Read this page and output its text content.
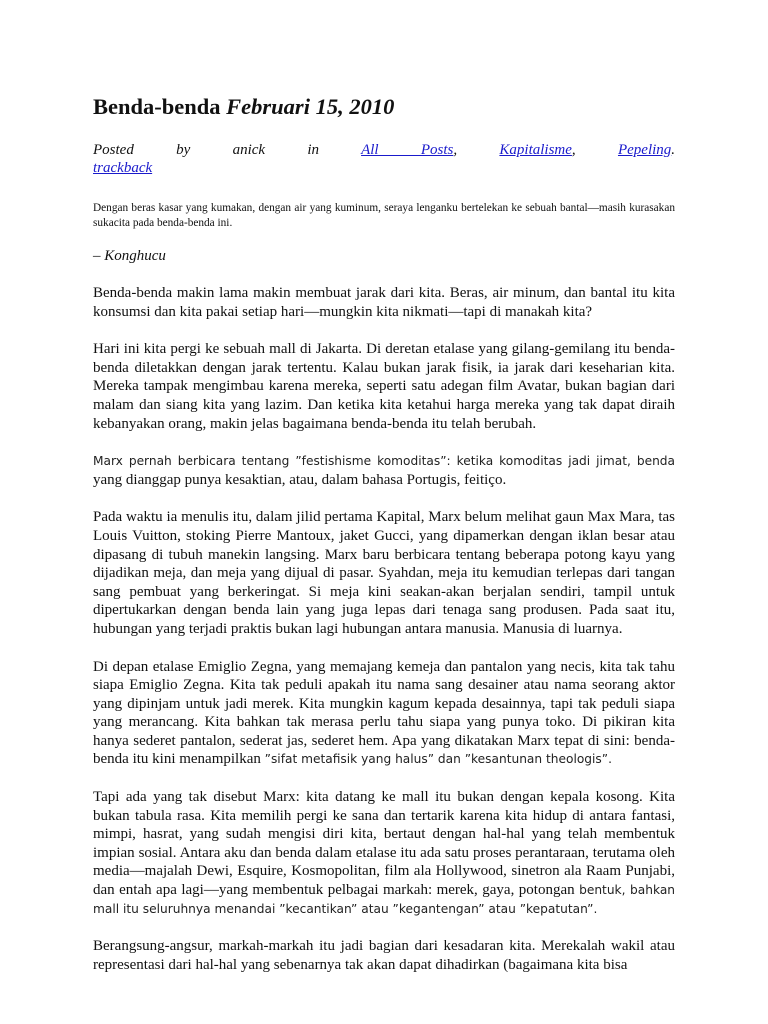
Benda-benda Februari 15, 2010
Posted	by	anick	in	All Posts,	Kapitalisme,	Pepeling.
trackback

Dengan beras kasar yang kumakan, dengan air yang kuminum, seraya lenganku bertelekan ke sebuah bantal—masih kurasakan sukacita pada benda-benda ini.

– Konghucu

Benda-benda makin lama makin membuat jarak dari kita. Beras, air minum, dan bantal itu kita konsumsi dan kita pakai setiap hari—mungkin kita nikmati—tapi di manakah kita?

Hari ini kita pergi ke sebuah mall di Jakarta. Di deretan etalase yang gilang-gemilang itu benda-benda diletakkan dengan jarak tertentu. Kalau bukan jarak fisik, ia jarak dari keseharian kita. Mereka tampak mengimbau karena mereka, seperti satu adegan film Avatar, bukan bagian dari malam dan siang kita yang lazim. Dan ketika kita ketahui harga mereka yang tak dapat diraih kebanyakan orang, makin jelas bagaimana benda-benda itu telah berubah.

Marx pernah berbicara tentang ”festishisme komoditas”: ketika komoditas jadi jimat, benda yang dianggap punya kesaktian, atau, dalam bahasa Portugis, feitiço.

Pada waktu ia menulis itu, dalam jilid pertama Kapital, Marx belum melihat gaun Max Mara, tas Louis Vuitton, stoking Pierre Mantoux, jaket Gucci, yang dipamerkan dengan iklan besar atau dipasang di tubuh manekin langsing. Marx baru berbicara tentang beberapa potong kayu yang dijadikan meja, dan meja yang dijual di pasar. Syahdan, meja itu kemudian terlepas dari tangan sang pembuat yang berkeringat. Si meja kini seakan-akan berjalan sendiri, tampil untuk dipertukarkan dengan benda lain yang juga lepas dari tenaga sang produsen. Pada saat itu, hubungan yang terjadi praktis bukan lagi hubungan antara manusia. Manusia di luarnya.

Di depan etalase Emiglio Zegna, yang memajang kemeja dan pantalon yang necis, kita tak tahu siapa Emiglio Zegna. Kita tak peduli apakah itu nama sang desainer atau nama seorang aktor yang dipinjam untuk jadi merek. Kita mungkin kagum kepada desainnya, tapi tak peduli siapa yang merancang. Kita bahkan tak merasa perlu tahu siapa yang punya toko. Di pikiran kita hanya sederet pantalon, sederat jas, sederet hem. Apa yang dikatakan Marx tepat di sini: benda-benda itu kini menampilkan ”sifat metafisik yang halus” dan ”kesantunan theologis”.

Tapi ada yang tak disebut Marx: kita datang ke mall itu bukan dengan kepala kosong. Kita bukan tabula rasa. Kita memilih pergi ke sana dan tertarik karena kita hidup di antara fantasi, mimpi, hasrat, yang sudah mengisi diri kita, bertaut dengan hal-hal yang telah membentuk impian sosial. Antara aku dan benda dalam etalase itu ada satu proses perantaraan, terutama oleh media—majalah Dewi, Esquire, Kosmopolitan, film ala Hollywood, sinetron ala Raam Punjabi, dan entah apa lagi—yang membentuk pelbagai markah: merek, gaya, potongan bentuk, bahkan mall itu seluruhnya menandai ”kecantikan” atau ”kegantengan” atau ”kepatutan”.

Berangsung-angsur, markah-markah itu jadi bagian dari kesadaran kita. Merekalah wakil atau representasi dari hal-hal yang sebenarnya tak akan dapat dihadirkan (bagaimana kita bisa
